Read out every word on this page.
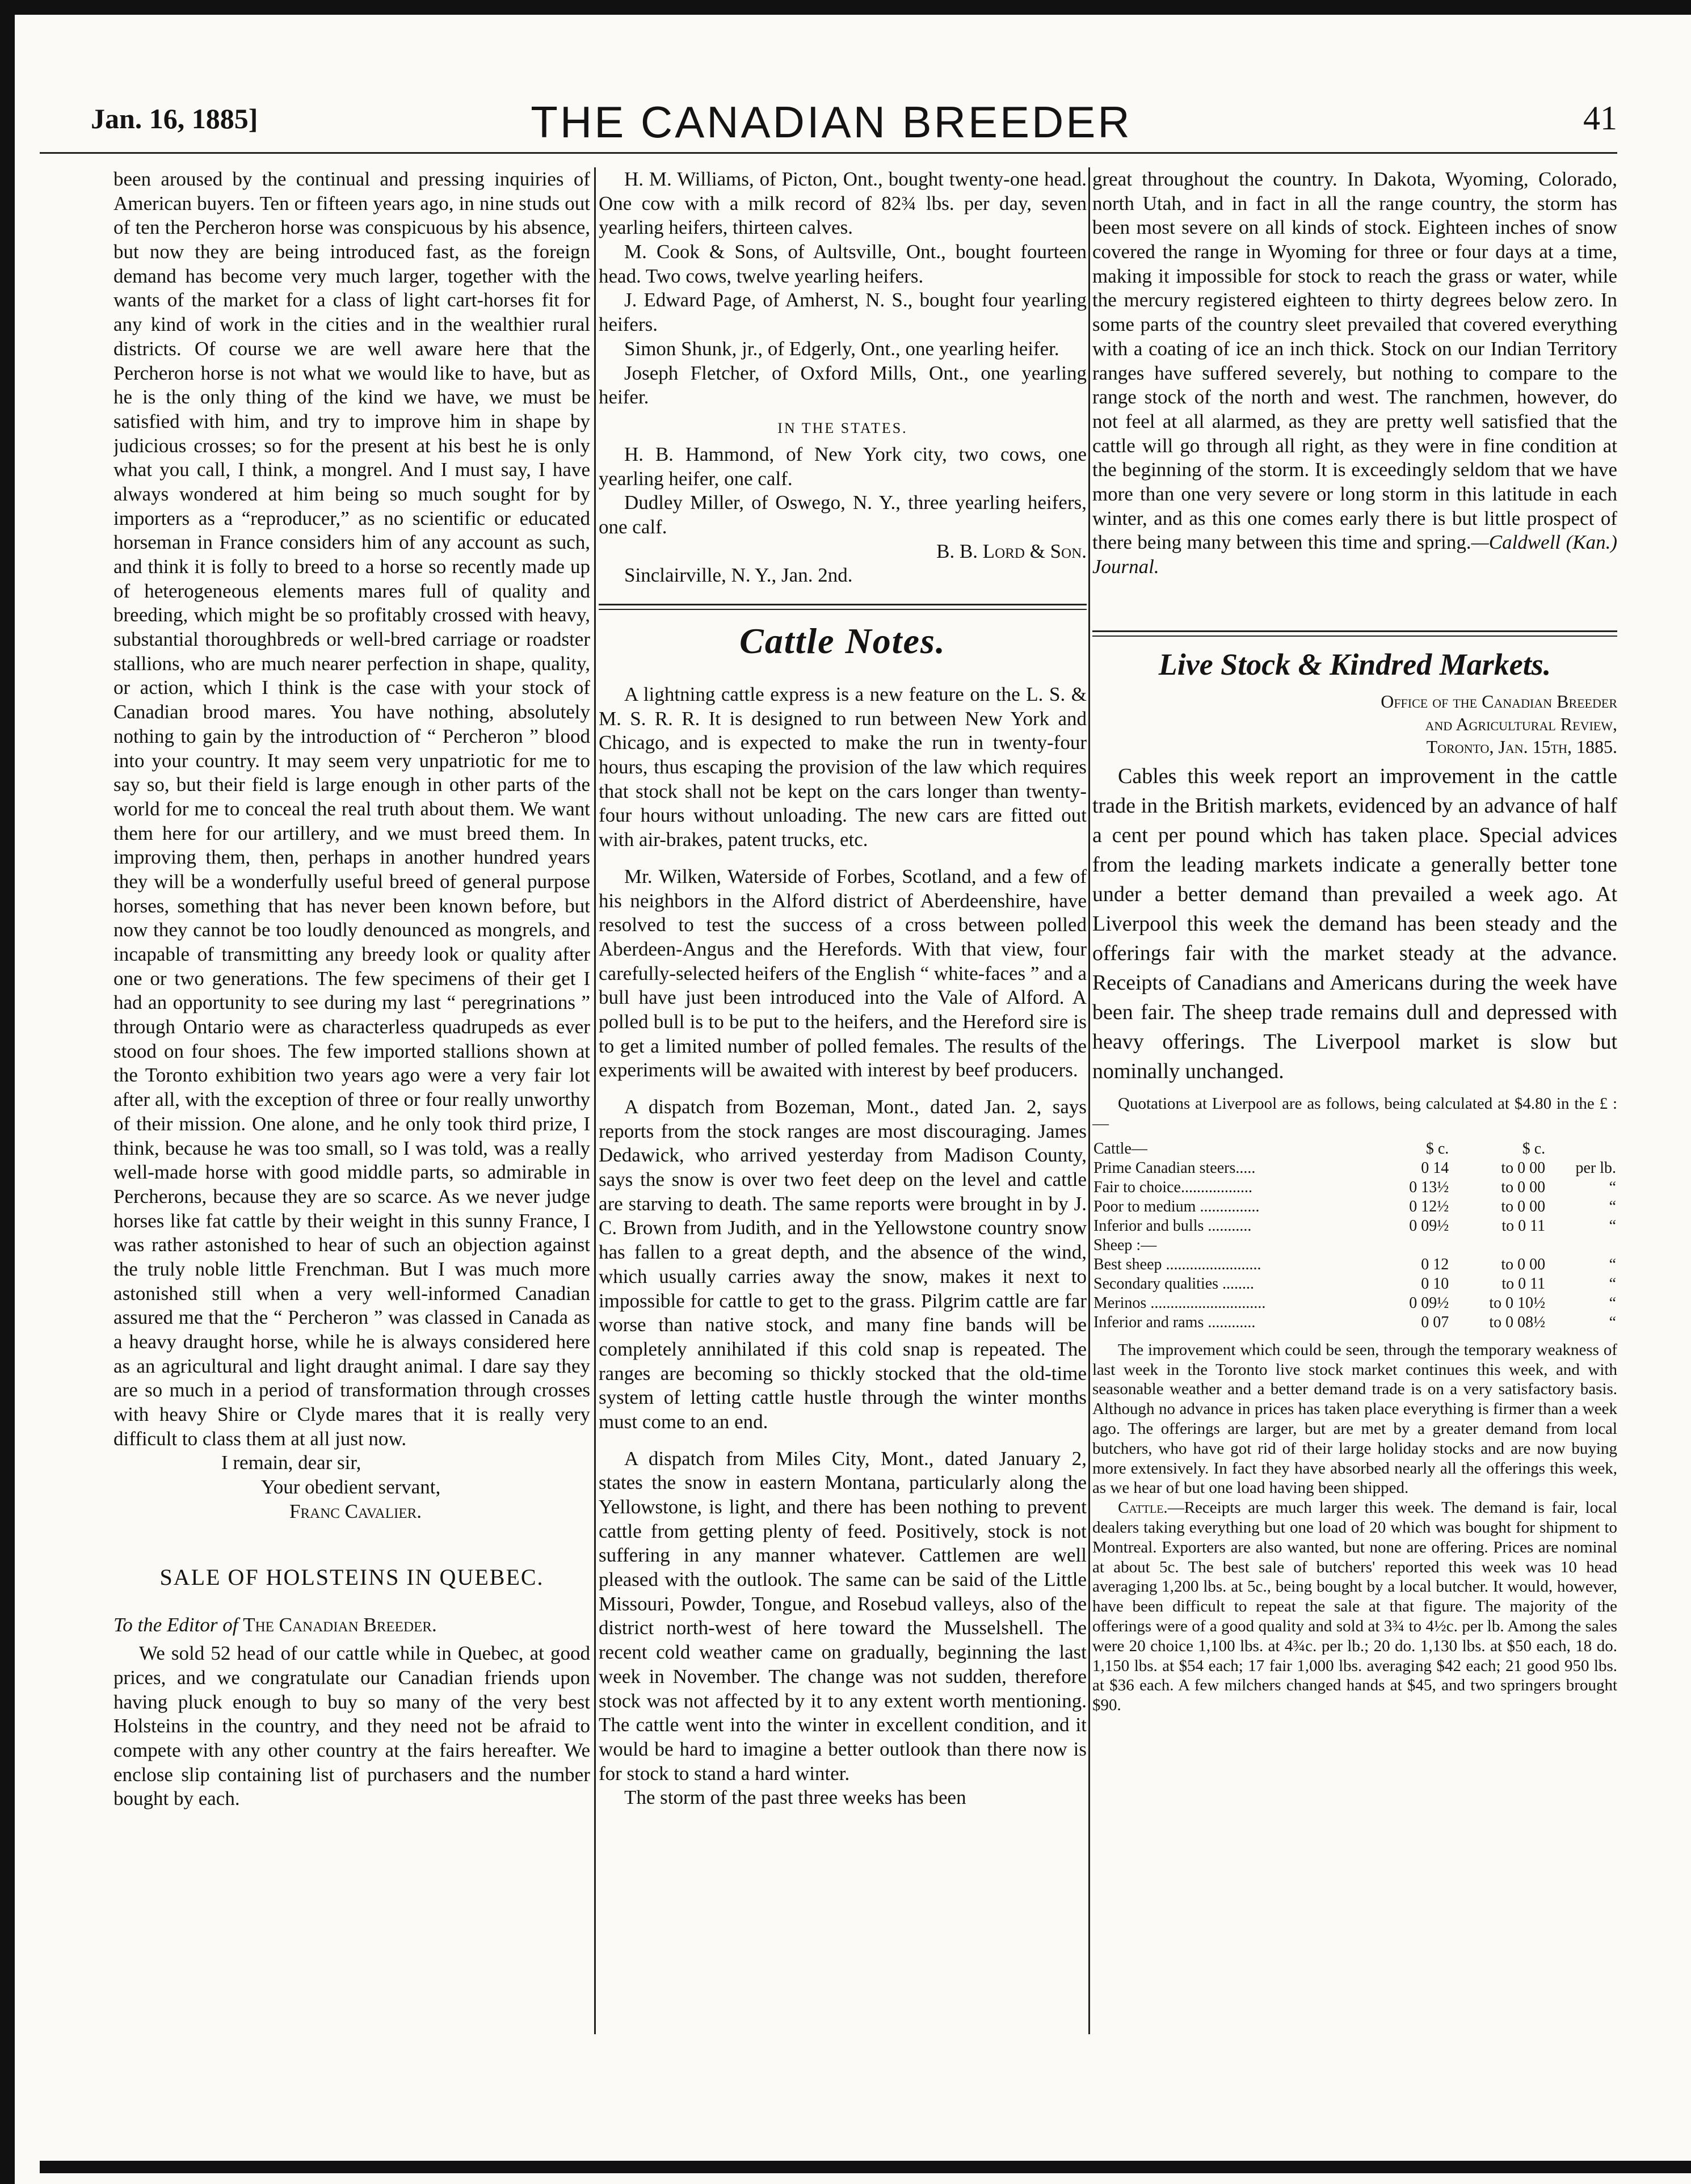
Jan. 16, 1885]	THE CANADIAN BREEDER	41

been aroused by the continual and pressing inquiries of American buyers. Ten or fifteen years ago, in nine studs out of ten the Percheron horse was conspicuous by his absence, but now they are being introduced fast, as the foreign demand has become very much larger, together with the wants of the market for a class of light cart-horses fit for any kind of work in the cities and in the wealthier rural districts. Of course we are well aware here that the Percheron horse is not what we would like to have, but as he is the only thing of the kind we have, we must be satisfied with him, and try to improve him in shape by judicious crosses; so for the present at his best he is only what you call, I think, a mongrel. And I must say, I have always wondered at him being so much sought for by importers as a “reproducer,” as no scientific or educated horseman in France considers him of any account as such, and think it is folly to breed to a horse so recently made up of heterogeneous elements mares full of quality and breeding, which might be so profitably crossed with heavy, substantial thoroughbreds or well-bred carriage or roadster stallions, who are much nearer perfection in shape, quality, or action, which I think is the case with your stock of Canadian brood mares. You have nothing, absolutely nothing to gain by the introduction of “ Percheron ” blood into your country. It may seem very unpatriotic for me to say so, but their field is large enough in other parts of the world for me to conceal the real truth about them. We want them here for our artillery, and we must breed them. In improving them, then, perhaps in another hundred years they will be a wonderfully useful breed of general purpose horses, something that has never been known before, but now they cannot be too loudly denounced as mongrels, and incapable of transmitting any breedy look or quality after one or two generations. The few specimens of their get I had an opportunity to see during my last “ peregrinations ” through Ontario were as characterless quadrupeds as ever stood on four shoes. The few imported stallions shown at the Toronto exhibition two years ago were a very fair lot after all, with the exception of three or four really unworthy of their mission. One alone, and he only took third prize, I think, because he was too small, so I was told, was a really well-made horse with good middle parts, so admirable in Percherons, because they are so scarce. As we never judge horses like fat cattle by their weight in this sunny France, I was rather astonished to hear of such an objection against the truly noble little Frenchman. But I was much more astonished still when a very well-informed Canadian assured me that the “ Percheron ” was classed in Canada as a heavy draught horse, while he is always considered here as an agricultural and light draught animal. I dare say they are so much in a period of transformation through crosses with heavy Shire or Clyde mares that it is really very difficult to class them at all just now.

I remain, dear sir,

Your obedient servant,

Franc Cavalier.

SALE OF HOLSTEINS IN QUEBEC.

To the Editor of The Canadian Breeder.

We sold 52 head of our cattle while in Quebec, at good prices, and we congratulate our Canadian friends upon having pluck enough to buy so many of the very best Holsteins in the country, and they need not be afraid to compete with any other country at the fairs hereafter. We enclose slip containing list of purchasers and the number bought by each.

H. M. Williams, of Picton, Ont., bought twenty-one head. One cow with a milk record of 82¾ lbs. per day, seven yearling heifers, thirteen calves.

M. Cook & Sons, of Aultsville, Ont., bought fourteen head. Two cows, twelve yearling heifers.

J. Edward Page, of Amherst, N. S., bought four yearling heifers.

Simon Shunk, jr., of Edgerly, Ont., one yearling heifer.

Joseph Fletcher, of Oxford Mills, Ont., one yearling heifer.

IN THE STATES.

H. B. Hammond, of New York city, two cows, one yearling heifer, one calf.

Dudley Miller, of Oswego, N. Y., three yearling heifers, one calf.

B. B. Lord & Son.

Sinclairville, N. Y., Jan. 2nd.

Cattle Notes.

A lightning cattle express is a new feature on the L. S. & M. S. R. R. It is designed to run between New York and Chicago, and is expected to make the run in twenty-four hours, thus escaping the provision of the law which requires that stock shall not be kept on the cars longer than twenty-four hours without unloading. The new cars are fitted out with air-brakes, patent trucks, etc.

Mr. Wilken, Waterside of Forbes, Scotland, and a few of his neighbors in the Alford district of Aberdeenshire, have resolved to test the success of a cross between polled Aberdeen-Angus and the Herefords. With that view, four carefully-selected heifers of the English “ white-faces ” and a bull have just been introduced into the Vale of Alford. A polled bull is to be put to the heifers, and the Hereford sire is to get a limited number of polled females. The results of the experiments will be awaited with interest by beef producers.

A dispatch from Bozeman, Mont., dated Jan. 2, says reports from the stock ranges are most discouraging. James Dedawick, who arrived yesterday from Madison County, says the snow is over two feet deep on the level and cattle are starving to death. The same reports were brought in by J. C. Brown from Judith, and in the Yellowstone country snow has fallen to a great depth, and the absence of the wind, which usually carries away the snow, makes it next to impossible for cattle to get to the grass. Pilgrim cattle are far worse than native stock, and many fine bands will be completely annihilated if this cold snap is repeated. The ranges are becoming so thickly stocked that the old-time system of letting cattle hustle through the winter months must come to an end.

A dispatch from Miles City, Mont., dated January 2, states the snow in eastern Montana, particularly along the Yellowstone, is light, and there has been nothing to prevent cattle from getting plenty of feed. Positively, stock is not suffering in any manner whatever. Cattlemen are well pleased with the outlook. The same can be said of the Little Missouri, Powder, Tongue, and Rosebud valleys, also of the district north-west of here toward the Musselshell. The recent cold weather came on gradually, beginning the last week in November. The change was not sudden, therefore stock was not affected by it to any extent worth mentioning. The cattle went into the winter in excellent condition, and it would be hard to imagine a better outlook than there now is for stock to stand a hard winter.

The storm of the past three weeks has been

great throughout the country. In Dakota, Wyoming, Colorado, north Utah, and in fact in all the range country, the storm has been most severe on all kinds of stock. Eighteen inches of snow covered the range in Wyoming for three or four days at a time, making it impossible for stock to reach the grass or water, while the mercury registered eighteen to thirty degrees below zero. In some parts of the country sleet prevailed that covered everything with a coating of ice an inch thick. Stock on our Indian Territory ranges have suffered severely, but nothing to compare to the range stock of the north and west. The ranchmen, however, do not feel at all alarmed, as they are pretty well satisfied that the cattle will go through all right, as they were in fine condition at the beginning of the storm. It is exceedingly seldom that we have more than one very severe or long storm in this latitude in each winter, and as this one comes early there is but little prospect of there being many between this time and spring.—Caldwell (Kan.) Journal.

Live Stock & Kindred Markets.
Office of the Canadian Breeder
and Agricultural Review,
Toronto, Jan. 15th, 1885.

Cables this week report an improvement in the cattle trade in the British markets, evidenced by an advance of half a cent per pound which has taken place. Special advices from the leading markets indicate a generally better tone under a better demand than prevailed a week ago. At Liverpool this week the demand has been steady and the offerings fair with the market steady at the advance. Receipts of Canadians and Americans during the week have been fair. The sheep trade remains dull and depressed with heavy offerings. The Liverpool market is slow but nominally unchanged.

Quotations at Liverpool are as follows, being calculated at $4.80 in the £ : —

Cattle—	$ c.	$ c.	
Prime Canadian steers.....	0 14	to 0 00	per lb.
Fair to choice..................	0 13½	to 0 00	“
Poor to medium ...............	0 12½	to 0 00	“
Inferior and bulls ...........	0 09½	to 0 11	“
Sheep :—			
Best sheep ........................	0 12	to 0 00	“
Secondary qualities ........	0 10	to 0 11	“
Merinos .............................	0 09½	to 0 10½	“
Inferior and rams ............	0 07	to 0 08½	“

The improvement which could be seen, through the temporary weakness of last week in the Toronto live stock market continues this week, and with seasonable weather and a better demand trade is on a very satisfactory basis. Although no advance in prices has taken place everything is firmer than a week ago. The offerings are larger, but are met by a greater demand from local butchers, who have got rid of their large holiday stocks and are now buying more extensively. In fact they have absorbed nearly all the offerings this week, as we hear of but one load having been shipped.

Cattle.—Receipts are much larger this week. The demand is fair, local dealers taking everything but one load of 20 which was bought for shipment to Montreal. Exporters are also wanted, but none are offering. Prices are nominal at about 5c. The best sale of butchers' reported this week was 10 head averaging 1,200 lbs. at 5c., being bought by a local butcher. It would, however, have been difficult to repeat the sale at that figure. The majority of the offerings were of a good quality and sold at 3¾ to 4½c. per lb. Among the sales were 20 choice 1,100 lbs. at 4¾c. per lb.; 20 do. 1,130 lbs. at $50 each, 18 do. 1,150 lbs. at $54 each; 17 fair 1,000 lbs. averaging $42 each; 21 good 950 lbs. at $36 each. A few milchers changed hands at $45, and two springers brought $90.
